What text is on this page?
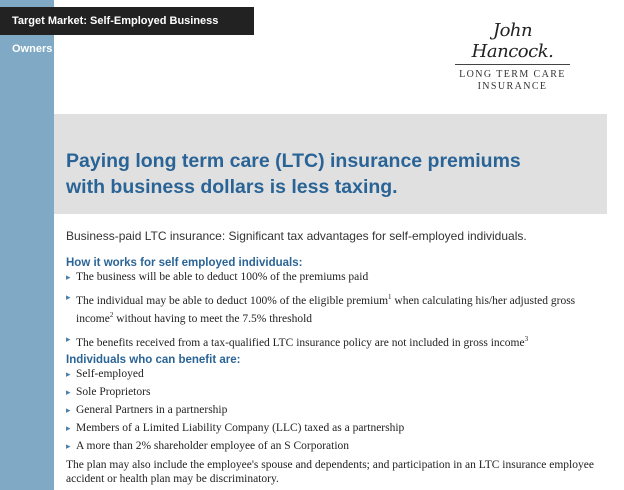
Target Market: Self-Employed Business Owners
John Hancock.
LONG TERM CARE
INSURANCE
Paying long term care (LTC) insurance premiums
with business dollars is less taxing.
Business-paid LTC insurance: Significant tax advantages for self-employed individuals.
How it works for self employed individuals:
▸ The business will be able to deduct 100% of the premiums paid
▸ The individual may be able to deduct 100% of the eligible premium$^1$ when calculating his/her adjusted gross income$^2$ without having to meet the 7.5% threshold
▸ The benefits received from a tax-qualified LTC insurance policy are not included in gross income$^3$
Individuals who can benefit are:
▸ Self-employed
▸ Sole Proprietors
▸ General Partners in a partnership
▸ Members of a Limited Liability Company (LLC) taxed as a partnership
▸ A more than 2% shareholder employee of an S Corporation
The plan may also include the employee's spouse and dependents; and participation in an LTC insurance employee accident or health plan may be discriminatory.
